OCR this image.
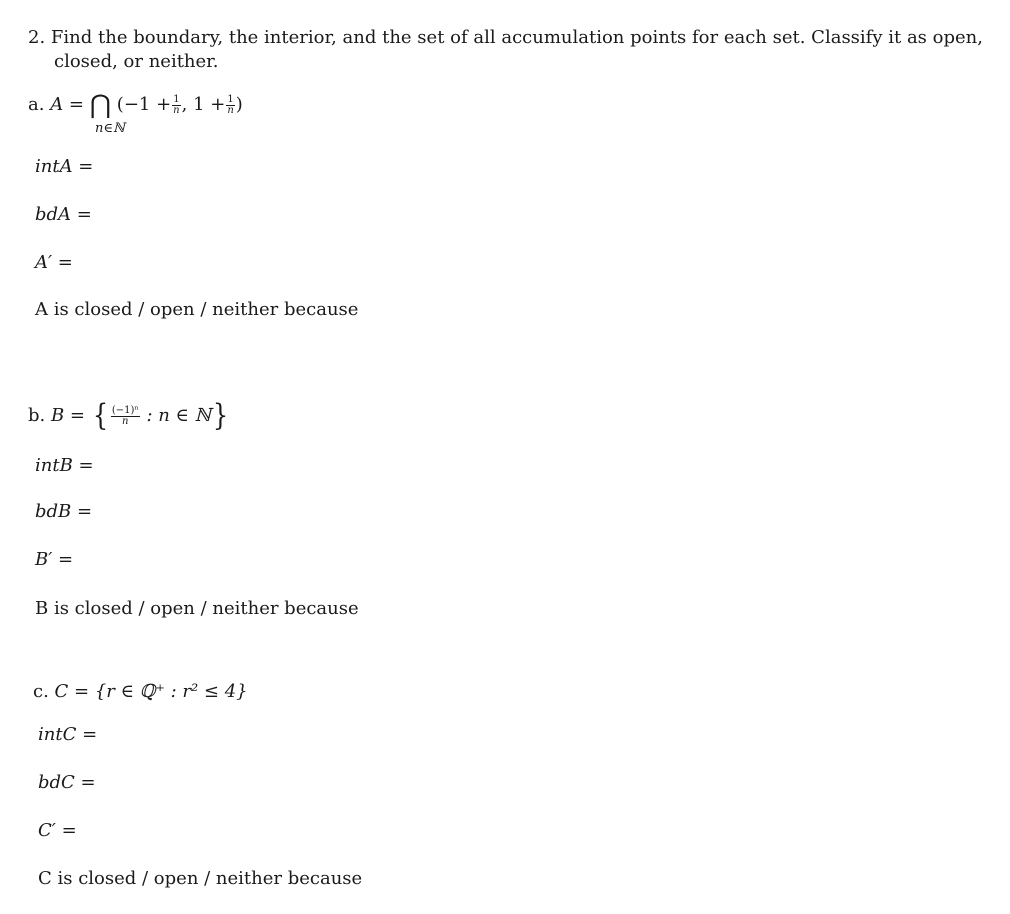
2. Find the boundary, the interior, and the set of all accumulation points for each set. Classify it as open,
closed, or neither.
a. A = ⋂ ($-1 + \frac{1}{n}$ , $1 + \frac{1}{n}$ )
n∈ℕ
intA =
bdA =
A′ =
A is closed / open / neither because
b. B = { $\frac{\text{(−1)ⁿ}}{n}$ : n ∈ ℕ}
intB =
bdB =
B′ =
B is closed / open / neither because
c. C = {r ∈ ℚ⁺ : r² ≤ 4}
intC =
bdC =
C′ =
C is closed / open / neither because
